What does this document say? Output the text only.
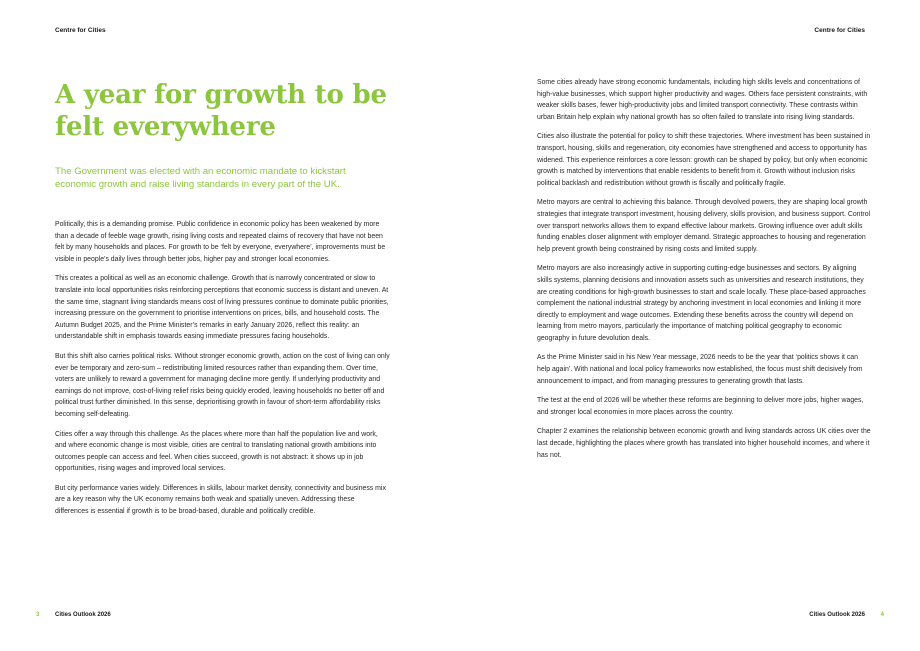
Centre for Cities	Centre for Cities
A year for growth to be felt everywhere

The Government was elected with an economic mandate to kickstart economic growth and raise living standards in every part of the UK.

Politically, this is a demanding promise. Public confidence in economic policy has been weakened by more than a decade of feeble wage growth, rising living costs and repeated claims of recovery that have not been felt by many households and places. For growth to be ‘felt by everyone, everywhere’, improvements must be visible in people’s daily lives through better jobs, higher pay and stronger local economies.

This creates a political as well as an economic challenge. Growth that is narrowly concentrated or slow to translate into local opportunities risks reinforcing perceptions that economic success is distant and uneven. At the same time, stagnant living standards means cost of living pressures continue to dominate public priorities, increasing pressure on the government to prioritise interventions on prices, bills, and household costs. The Autumn Budget 2025, and the Prime Minister’s remarks in early January 2026, reflect this reality: an understandable shift in emphasis towards easing immediate pressures facing households.

But this shift also carries political risks. Without stronger economic growth, action on the cost of living can only ever be temporary and zero-sum – redistributing limited resources rather than expanding them. Over time, voters are unlikely to reward a government for managing decline more gently. If underlying productivity and earnings do not improve, cost-of-living relief risks being quickly eroded, leaving households no better off and political trust further diminished. In this sense, deprioritising growth in favour of short-term affordability risks becoming self-defeating.

Cities offer a way through this challenge. As the places where more than half the population live and work, and where economic change is most visible, cities are central to translating national growth ambitions into outcomes people can access and feel. When cities succeed, growth is not abstract: it shows up in job opportunities, rising wages and improved local services.

But city performance varies widely. Differences in skills, labour market density, connectivity and business mix are a key reason why the UK economy remains both weak and spatially uneven. Addressing these differences is essential if growth is to be broad-based, durable and politically credible.

Some cities already have strong economic fundamentals, including high skills levels and concentrations of high-value businesses, which support higher productivity and wages. Others face persistent constraints, with weaker skills bases, fewer high-productivity jobs and limited transport connectivity. These contrasts within urban Britain help explain why national growth has so often failed to translate into rising living standards.

Cities also illustrate the potential for policy to shift these trajectories. Where investment has been sustained in transport, housing, skills and regeneration, city economies have strengthened and access to opportunity has widened. This experience reinforces a core lesson: growth can be shaped by policy, but only when economic growth is matched by interventions that enable residents to benefit from it. Growth without inclusion risks political backlash and redistribution without growth is fiscally and politically fragile.

Metro mayors are central to achieving this balance. Through devolved powers, they are shaping local growth strategies that integrate transport investment, housing delivery, skills provision, and business support. Control over transport networks allows them to expand effective labour markets. Growing influence over adult skills funding enables closer alignment with employer demand. Strategic approaches to housing and regeneration help prevent growth being constrained by rising costs and limited supply.

Metro mayors are also increasingly active in supporting cutting-edge businesses and sectors. By aligning skills systems, planning decisions and innovation assets such as universities and research institutions, they are creating conditions for high-growth businesses to start and scale locally. These place-based approaches complement the national industrial strategy by anchoring investment in local economies and linking it more directly to employment and wage outcomes. Extending these benefits across the country will depend on learning from metro mayors, particularly the importance of matching political geography to economic geography in future devolution deals.

As the Prime Minister said in his New Year message, 2026 needs to be the year that ‘politics shows it can help again’. With national and local policy frameworks now established, the focus must shift decisively from announcement to impact, and from managing pressures to generating growth that lasts.

The test at the end of 2026 will be whether these reforms are beginning to deliver more jobs, higher wages, and stronger local economies in more places across the country.

Chapter 2 examines the relationship between economic growth and living standards across UK cities over the last decade, highlighting the places where growth has translated into higher household incomes, and where it has not.

3	Cities Outlook 2026	Cities Outlook 2026	4
